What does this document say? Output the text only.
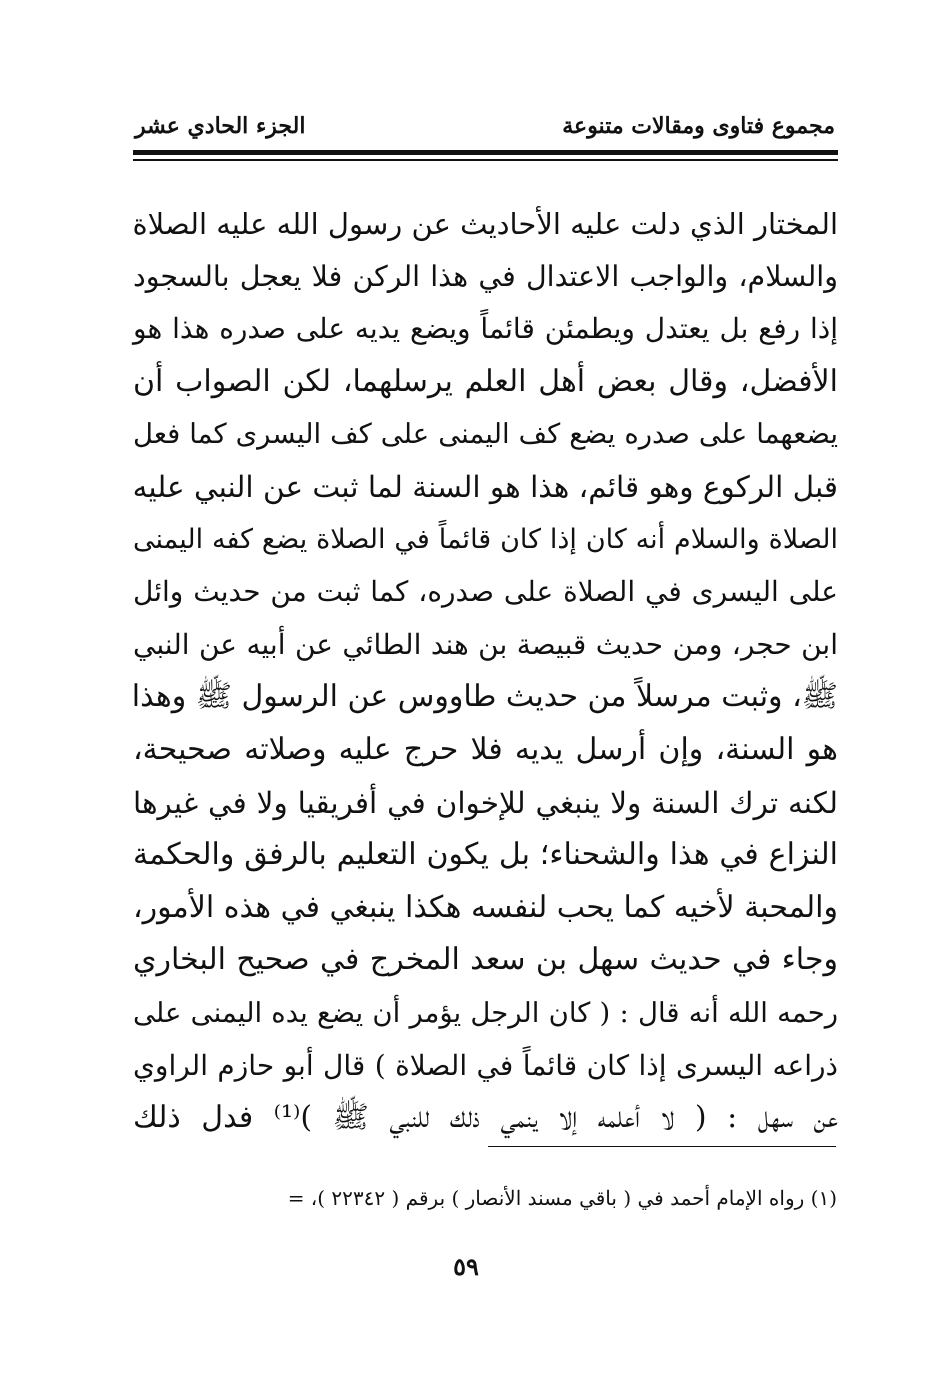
مجموع فتاوى ومقالات متنوعة
الجزء الحادي عشر
المختار الذي دلت عليه الأحاديث عن رسول الله عليه الصلاة
والسلام، والواجب الاعتدال في هذا الركن فلا يعجل بالسجود
إذا رفع بل يعتدل ويطمئن قائماً ويضع يديه على صدره هذا هو
الأفضل، وقال بعض أهل العلم يرسلهما، لكن الصواب أن
يضعهما على صدره يضع كف اليمنى على كف اليسرى كما فعل
قبل الركوع وهو قائم، هذا هو السنة لما ثبت عن النبي عليه
الصلاة والسلام أنه كان إذا كان قائماً في الصلاة يضع كفه اليمنى
على اليسرى في الصلاة على صدره، كما ثبت من حديث وائل
ابن حجر، ومن حديث قبيصة بن هند الطائي عن أبيه عن النبي
ﷺ، وثبت مرسلاً من حديث طاووس عن الرسول ﷺ وهذا
هو السنة، وإن أرسل يديه فلا حرج عليه وصلاته صحيحة،
لكنه ترك السنة ولا ينبغي للإخوان في أفريقيا ولا في غيرها
النزاع في هذا والشحناء؛ بل يكون التعليم بالرفق والحكمة
والمحبة لأخيه كما يحب لنفسه هكذا ينبغي في هذه الأمور،
وجاء في حديث سهل بن سعد المخرج في صحيح البخاري
رحمه الله أنه قال : ( كان الرجل يؤمر أن يضع يده اليمنى على
ذراعه اليسرى إذا كان قائماً في الصلاة ) قال أبو حازم الراوي
عن سهل : ( لا أعلمه إلا ينمي ذلك للنبي ﷺ )⁽¹⁾ فدل ذلك
(١) رواه الإمام أحمد في ( باقي مسند الأنصار ) برقم ( ٢٢٣٤٢ )، =
٥٩
